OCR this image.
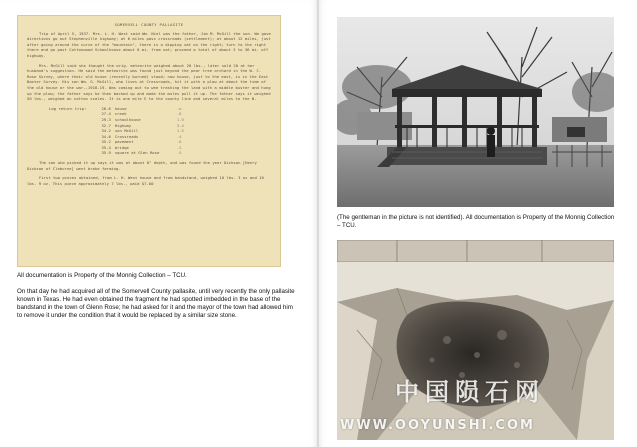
SOMERVELL COUNTY PALLASITE

Trip of April 5, 1937. Mrs. L. H. West said Wm. Niel was the father, Jim M. McGill the son. We gave directions go out Stephenville highway; at 6 miles pass crossroads (settlement); at about 12 miles, just after going around the curve of the "mountain", there is a dipping vat on the right; turn to the right there and go past Cottonwood Schoolhouse about 8 mi. from vat; proceed a total of about 3 to 36 mi. off highway.

Mrs. McGill said she thought the orig. meteorite weighed about 20 lbs., later sold 20 at her husband's suggestion. He said the meteorite was found just beyond the pear tree orchard in the W. C. Rose Survey, where their old house (recently burned) stood; now house, just to the east, is in the East Baxter Survey. His son Wm. G. McGill, who lives at Crossroads, hit it with a plow at about the time of the old house or the war--1918-19. Was coming out to wee trashing the land with a middle buster and hung up the plow; the father says he then backed up and made the mules pull it up. The father says it weighed 50 lbs., weighed on cotton scales. It is one mile E to the county line and several miles to the N.

Log return trip:	26.6 house	-o
27.4 creek	.8
29.3 schoolhouse	1.9
32.7 Highway	3.4
34.2 son McGill	1.5
34.6 Crossroads	.4
35.2 pavement	.6
35.4 bridge	.2
35.9 square at Glen Rose	.5

The son who picked it up says it was at about 8" depth, and was found the year Dickson [Henry Dickson of Cleburne] went broke farming.

First two pieces obtained, from L. H. West house and from bandstand, weighed 10 lbs. 3 oz and 10 lbs. 9 oz. This piece approximately 7 lbs., paid $7.00

All documentation is Property of the Monnig Collection – TCU.
On that day he had acquired all of the Somervell County pallasite, until very recently the only pallasite known in Texas. He had even obtained the fragment he had spotted imbedded in the base of the bandstand in the town of Glenn Rose; he had asked for it and the mayor of the town had allowed him to remove it under the condition that it would be replaced by a similar size stone.
(The gentleman in the picture is not identified). All documentation is Property of the Monnig Collection – TCU.
中国陨石网
WWW.OOYUNSHI.COM
